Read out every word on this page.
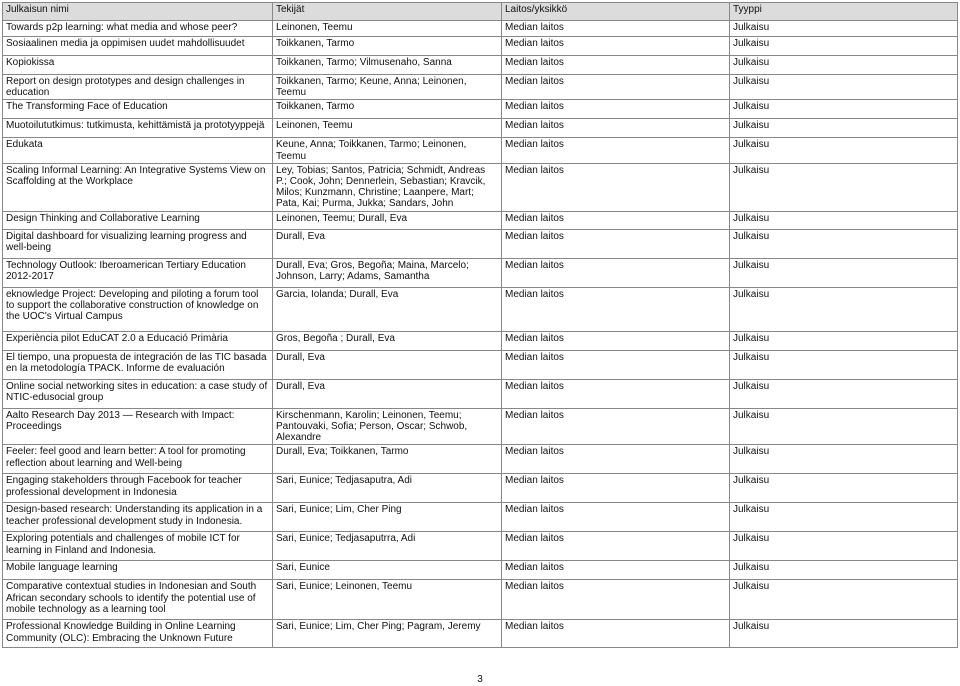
Julkaisun nimi	Tekijät	Laitos/yksikkö	Tyyppi
Towards p2p learning: what media and whose peer?	Leinonen, Teemu	Median laitos	Julkaisu
Sosiaalinen media ja oppimisen uudet mahdollisuudet	Toikkanen, Tarmo	Median laitos	Julkaisu
Kopiokissa	Toikkanen, Tarmo; Vilmusenaho, Sanna	Median laitos	Julkaisu
Report on design prototypes and design challenges in education	Toikkanen, Tarmo; Keune, Anna; Leinonen, Teemu	Median laitos	Julkaisu
The Transforming Face of Education	Toikkanen, Tarmo	Median laitos	Julkaisu
Muotoilututkimus: tutkimusta, kehittämistä ja prototyyppejä	Leinonen, Teemu	Median laitos	Julkaisu
Edukata	Keune, Anna; Toikkanen, Tarmo; Leinonen, Teemu	Median laitos	Julkaisu
Scaling Informal Learning: An Integrative Systems View on Scaffolding at the Workplace	Ley, Tobias; Santos, Patricia; Schmidt, Andreas P.; Cook, John; Dennerlein, Sebastian; Kravcik, Milos; Kunzmann, Christine; Laanpere, Mart; Pata, Kai; Purma, Jukka; Sandars, John	Median laitos	Julkaisu
Design Thinking and Collaborative Learning	Leinonen, Teemu; Durall, Eva	Median laitos	Julkaisu
Digital dashboard for visualizing learning progress and well-being	Durall, Eva	Median laitos	Julkaisu
Technology Outlook: Iberoamerican Tertiary Education 2012-2017	Durall, Eva; Gros, Begoña; Maina, Marcelo; Johnson, Larry; Adams, Samantha	Median laitos	Julkaisu
eknowledge Project: Developing and piloting a forum tool to support the collaborative construction of knowledge on the UOC's Virtual Campus	Garcia, Iolanda; Durall, Eva	Median laitos	Julkaisu
Experiència pilot EduCAT 2.0 a Educació Primària	Gros, Begoña ; Durall, Eva	Median laitos	Julkaisu
El tiempo, una propuesta de integración de las TIC basada en la metodología TPACK. Informe de evaluación	Durall, Eva	Median laitos	Julkaisu
Online social networking sites in education: a case study of NTIC-edusocial group	Durall, Eva	Median laitos	Julkaisu
Aalto Research Day 2013 — Research with Impact: Proceedings	Kirschenmann, Karolin; Leinonen, Teemu; Pantouvaki, Sofia; Person, Oscar; Schwob, Alexandre	Median laitos	Julkaisu
Feeler: feel good and learn better: A tool for promoting reflection about learning and Well-being	Durall, Eva; Toikkanen, Tarmo	Median laitos	Julkaisu
Engaging stakeholders through Facebook for teacher professional development in Indonesia	Sari, Eunice; Tedjasaputra, Adi	Median laitos	Julkaisu
Design-based research: Understanding its application in a teacher professional development study in Indonesia.	Sari, Eunice; Lim, Cher Ping	Median laitos	Julkaisu
Exploring potentials and challenges of mobile ICT for learning in Finland and Indonesia.	Sari, Eunice; Tedjasaputrra, Adi	Median laitos	Julkaisu
Mobile language learning	Sari, Eunice	Median laitos	Julkaisu
Comparative contextual studies in Indonesian and South African secondary schools to identify the potential use of mobile technology as a learning tool	Sari, Eunice; Leinonen, Teemu	Median laitos	Julkaisu
Professional Knowledge Building in Online Learning Community (OLC): Embracing the Unknown Future	Sari, Eunice; Lim, Cher Ping; Pagram, Jeremy	Median laitos	Julkaisu
3
